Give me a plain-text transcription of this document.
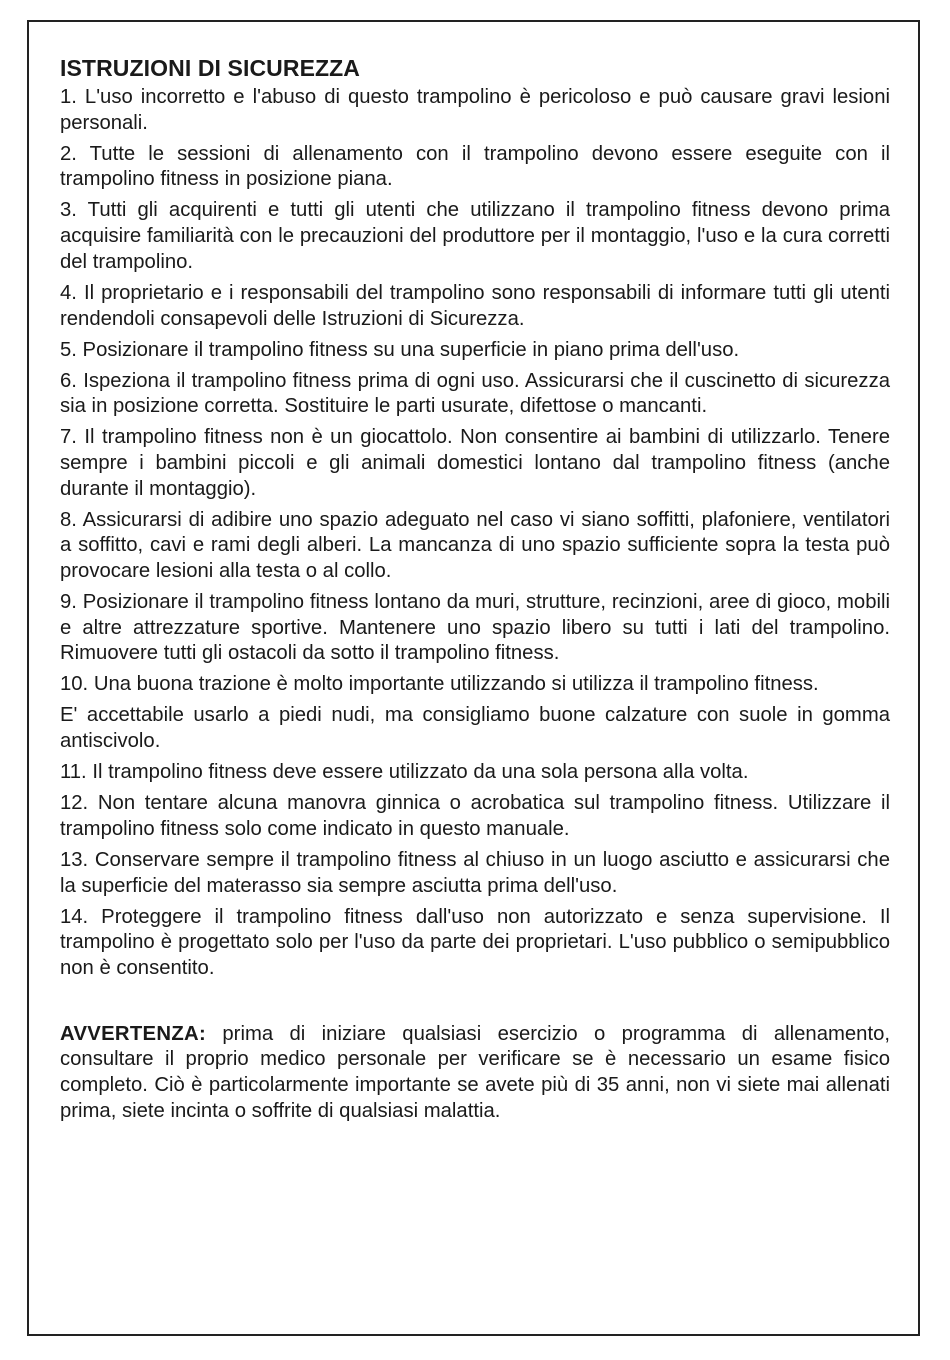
ISTRUZIONI DI SICUREZZA
1. L'uso incorretto e l'abuso di questo trampolino è pericoloso e può causare gravi lesioni personali.
2. Tutte le sessioni di allenamento con il trampolino devono essere eseguite con il trampolino fitness in posizione piana.
3. Tutti gli acquirenti e tutti gli utenti che utilizzano il trampolino fitness devono prima acquisire familiarità con le precauzioni del produttore per il montaggio, l'uso e la cura corretti del trampolino.
4. Il proprietario e i responsabili del trampolino sono responsabili di informare tutti gli utenti rendendoli consapevoli delle Istruzioni di Sicurezza.
5. Posizionare il trampolino fitness su una superficie in piano prima dell'uso.
6. Ispeziona il trampolino fitness prima di ogni uso. Assicurarsi che il cuscinetto di sicurezza sia in posizione corretta. Sostituire le parti usurate, difettose o mancanti.
7. Il trampolino fitness non è un giocattolo. Non consentire ai bambini di utilizzarlo. Tenere sempre i bambini piccoli e gli animali domestici lontano dal trampolino fitness (anche durante il montaggio).
8. Assicurarsi di adibire uno spazio adeguato nel caso vi siano soffitti, plafoniere, ventilatori a soffitto, cavi e rami degli alberi. La mancanza di uno spazio sufficiente sopra la testa può provocare lesioni alla testa o al collo.
9. Posizionare il trampolino fitness lontano da muri, strutture, recinzioni, aree di gioco, mobili e altre attrezzature sportive. Mantenere uno spazio libero su tutti i lati del trampolino. Rimuovere tutti gli ostacoli da sotto il trampolino fitness.
10. Una buona trazione è molto importante utilizzando si utilizza il trampolino fitness.
E' accettabile usarlo a piedi nudi, ma consigliamo buone calzature con suole in gomma antiscivolo.
11. Il trampolino fitness deve essere utilizzato da una sola persona alla volta.
12. Non tentare alcuna manovra ginnica o acrobatica sul trampolino fitness. Utilizzare il trampolino fitness solo come indicato in questo manuale.
13. Conservare sempre il trampolino fitness al chiuso in un luogo asciutto e assicurarsi che la superficie del materasso sia sempre asciutta prima dell'uso.
14. Proteggere il trampolino fitness dall'uso non autorizzato e senza supervisione. Il trampolino è progettato solo per l'uso da parte dei proprietari. L'uso pubblico o semipubblico non è consentito.
AVVERTENZA: prima di iniziare qualsiasi esercizio o programma di allenamento, consultare il proprio medico personale per verificare se è necessario un esame fisico completo. Ciò è particolarmente importante se avete più di 35 anni, non vi siete mai allenati prima, siete incinta o soffrite di qualsiasi malattia.
